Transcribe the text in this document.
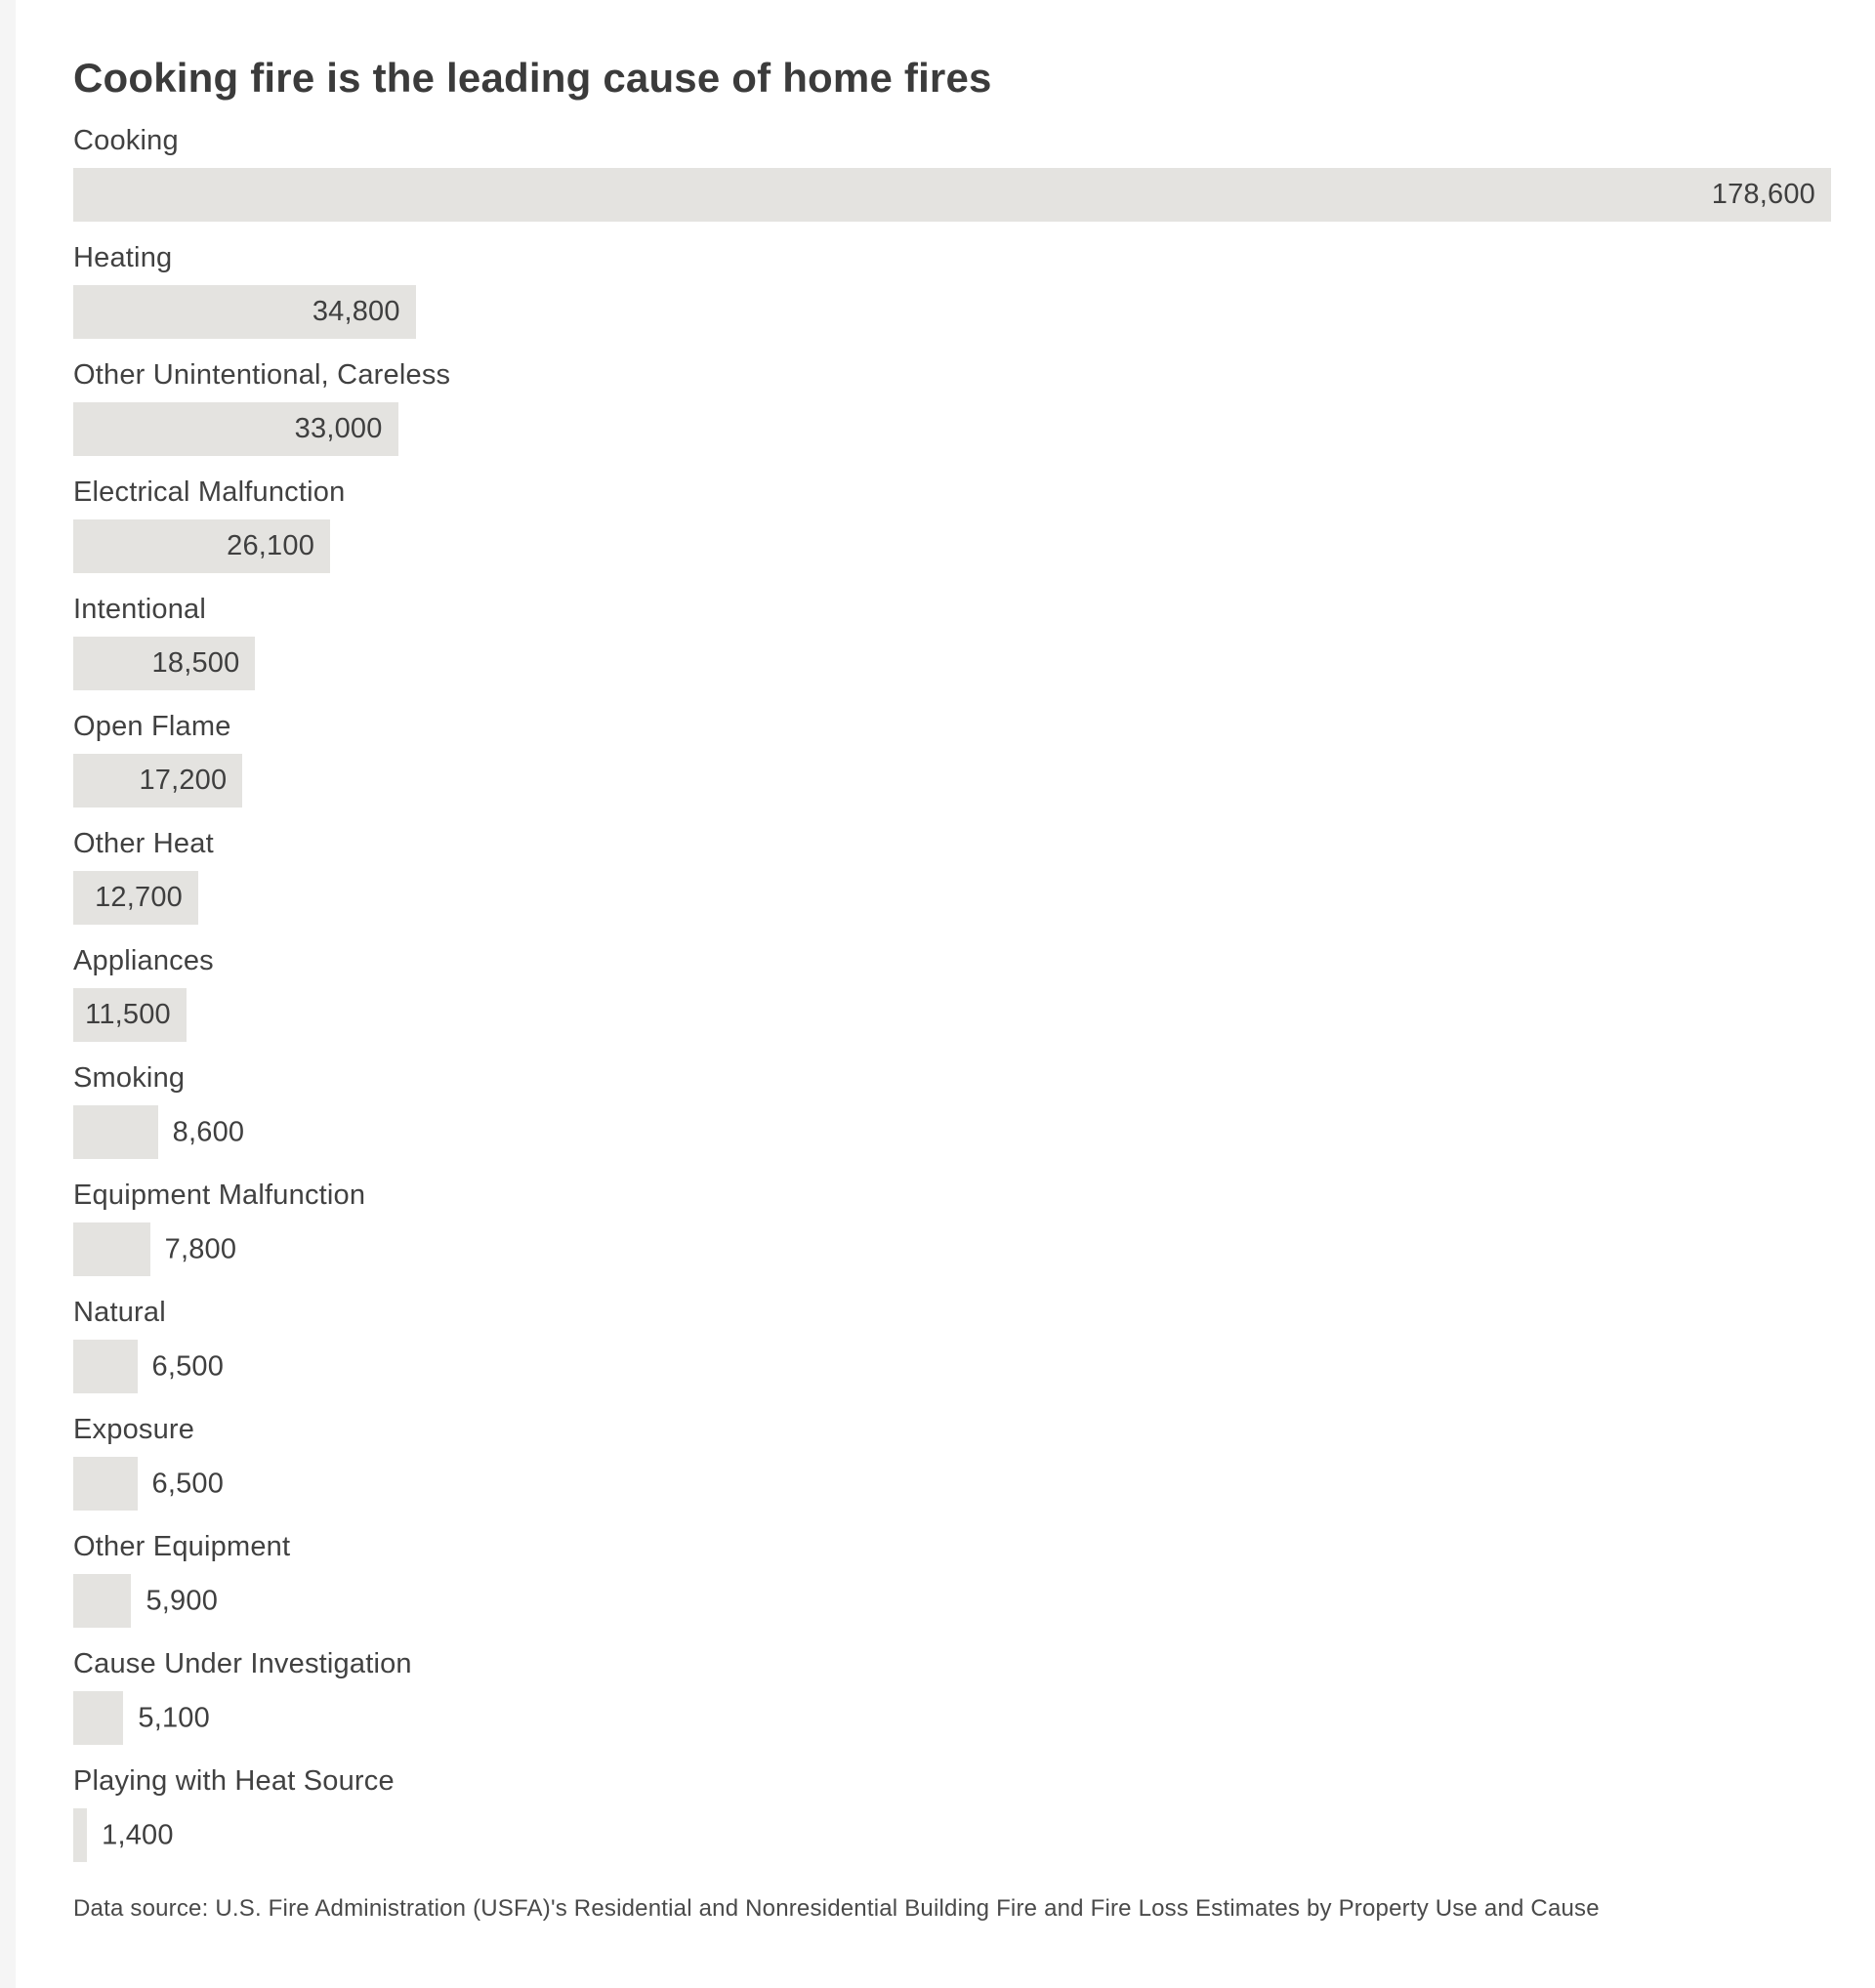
Cooking fire is the leading cause of home fires
Cooking
178,600
Heating
34,800
Other Unintentional, Careless
33,000
Electrical Malfunction
26,100
Intentional
18,500
Open Flame
17,200
Other Heat
12,700
Appliances
11,500
Smoking
8,600
Equipment Malfunction
7,800
Natural
6,500
Exposure
6,500
Other Equipment
5,900
Cause Under Investigation
5,100
Playing with Heat Source
1,400

Data source: U.S. Fire Administration (USFA)'s Residential and Nonresidential Building Fire and Fire Loss Estimates by Property Use and Cause
